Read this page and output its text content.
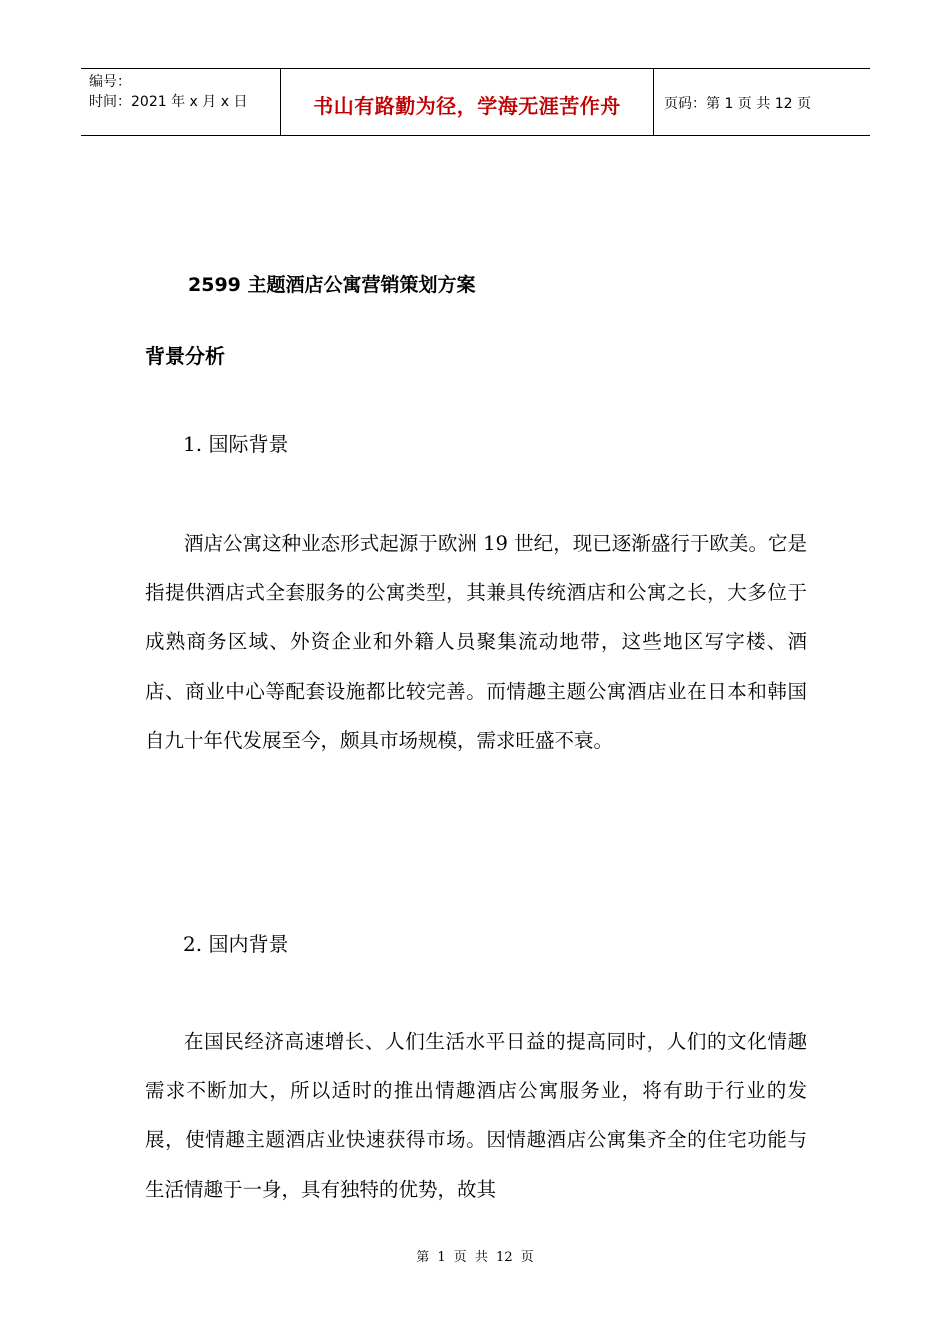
编号：
时间：2021 年 x 月 x 日	书山有路勤为径，学海无涯苦作舟	页码：第 1 页 共 12 页
2599 主题酒店公寓营销策划方案
背景分析
1. 国际背景

酒店公寓这种业态形式起源于欧洲 19 世纪，现已逐渐盛行于欧美。它是指提供酒店式全套服务的公寓类型，其兼具传统酒店和公寓之长，大多位于成熟商务区域、外资企业和外籍人员聚集流动地带，这些地区写字楼、酒店、商业中心等配套设施都比较完善。而情趣主题公寓酒店业在日本和韩国自九十年代发展至今，颇具市场规模，需求旺盛不衰。

2. 国内背景

在国民经济高速增长、人们生活水平日益的提高同时，人们的文化情趣需求不断加大，所以适时的推出情趣酒店公寓服务业，将有助于行业的发展，使情趣主题酒店业快速获得市场。因情趣酒店公寓集齐全的住宅功能与生活情趣于一身，具有独特的优势，故其

第 1 页 共 12 页
